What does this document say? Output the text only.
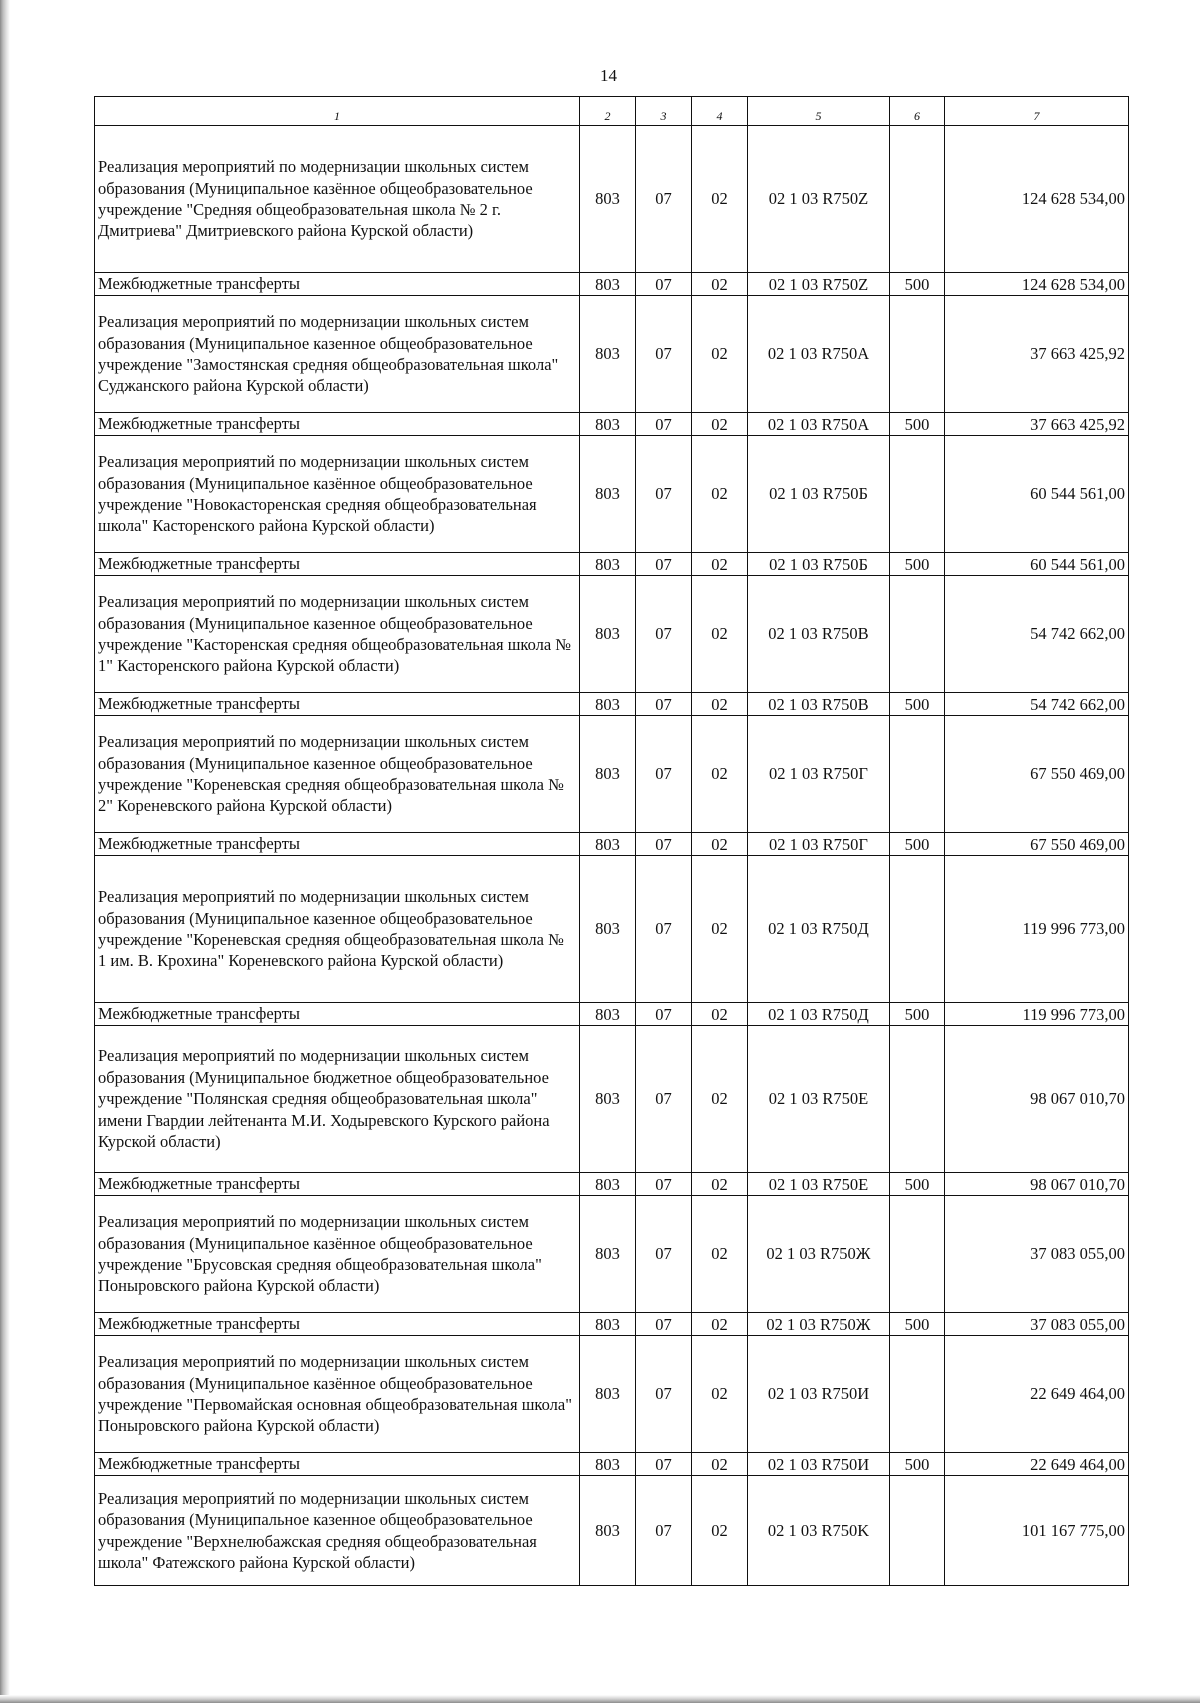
14
1	2	3	4	5	6	7
Реализация мероприятий по модернизации школьных систем образования (Муниципальное казённое общеобразовательное учреждение "Средняя общеобразовательная школа № 2 г. Дмитриева" Дмитриевского района Курской области)	803	07	02	02 1 03 R750Z		124 628 534,00
Межбюджетные трансферты	803	07	02	02 1 03 R750Z	500	124 628 534,00
Реализация мероприятий по модернизации школьных систем образования (Муниципальное казенное общеобразовательное учреждение "Замостянская средняя общеобразовательная школа" Суджанского района Курской области)	803	07	02	02 1 03 R750A		37 663 425,92
Межбюджетные трансферты	803	07	02	02 1 03 R750A	500	37 663 425,92
Реализация мероприятий по модернизации школьных систем образования (Муниципальное казённое общеобразовательное учреждение "Новокасторенская средняя общеобразовательная школа" Касторенского района Курской области)	803	07	02	02 1 03 R750Б		60 544 561,00
Межбюджетные трансферты	803	07	02	02 1 03 R750Б	500	60 544 561,00
Реализация мероприятий по модернизации школьных систем образования (Муниципальное казенное общеобразовательное учреждение "Касторенская средняя общеобразовательная школа № 1" Касторенского района Курской области)	803	07	02	02 1 03 R750B		54 742 662,00
Межбюджетные трансферты	803	07	02	02 1 03 R750B	500	54 742 662,00
Реализация мероприятий по модернизации школьных систем образования (Муниципальное казенное общеобразовательное учреждение "Кореневская средняя общеобразовательная школа № 2" Кореневского района Курской области)	803	07	02	02 1 03 R750Г		67 550 469,00
Межбюджетные трансферты	803	07	02	02 1 03 R750Г	500	67 550 469,00
Реализация мероприятий по модернизации школьных систем образования (Муниципальное казенное общеобразовательное учреждение "Кореневская средняя общеобразовательная школа № 1 им. В. Крохина" Кореневского района Курской области)	803	07	02	02 1 03 R750Д		119 996 773,00
Межбюджетные трансферты	803	07	02	02 1 03 R750Д	500	119 996 773,00
Реализация мероприятий по модернизации школьных систем образования (Муниципальное бюджетное общеобразовательное учреждение "Полянская средняя общеобразовательная школа" имени Гвардии лейтенанта М.И. Ходыревского Курского района Курской области)	803	07	02	02 1 03 R750E		98 067 010,70
Межбюджетные трансферты	803	07	02	02 1 03 R750E	500	98 067 010,70
Реализация мероприятий по модернизации школьных систем образования (Муниципальное казённое общеобразовательное учреждение "Брусовская средняя общеобразовательная школа" Поныровского района Курской области)	803	07	02	02 1 03 R750Ж		37 083 055,00
Межбюджетные трансферты	803	07	02	02 1 03 R750Ж	500	37 083 055,00
Реализация мероприятий по модернизации школьных систем образования (Муниципальное казённое общеобразовательное учреждение "Первомайская основная общеобразовательная школа" Поныровского района Курской области)	803	07	02	02 1 03 R750И		22 649 464,00
Межбюджетные трансферты	803	07	02	02 1 03 R750И	500	22 649 464,00
Реализация мероприятий по модернизации школьных систем образования (Муниципальное казенное общеобразовательное учреждение "Верхнелюбажская средняя общеобразовательная школа" Фатежского района Курской области)	803	07	02	02 1 03 R750K		101 167 775,00
